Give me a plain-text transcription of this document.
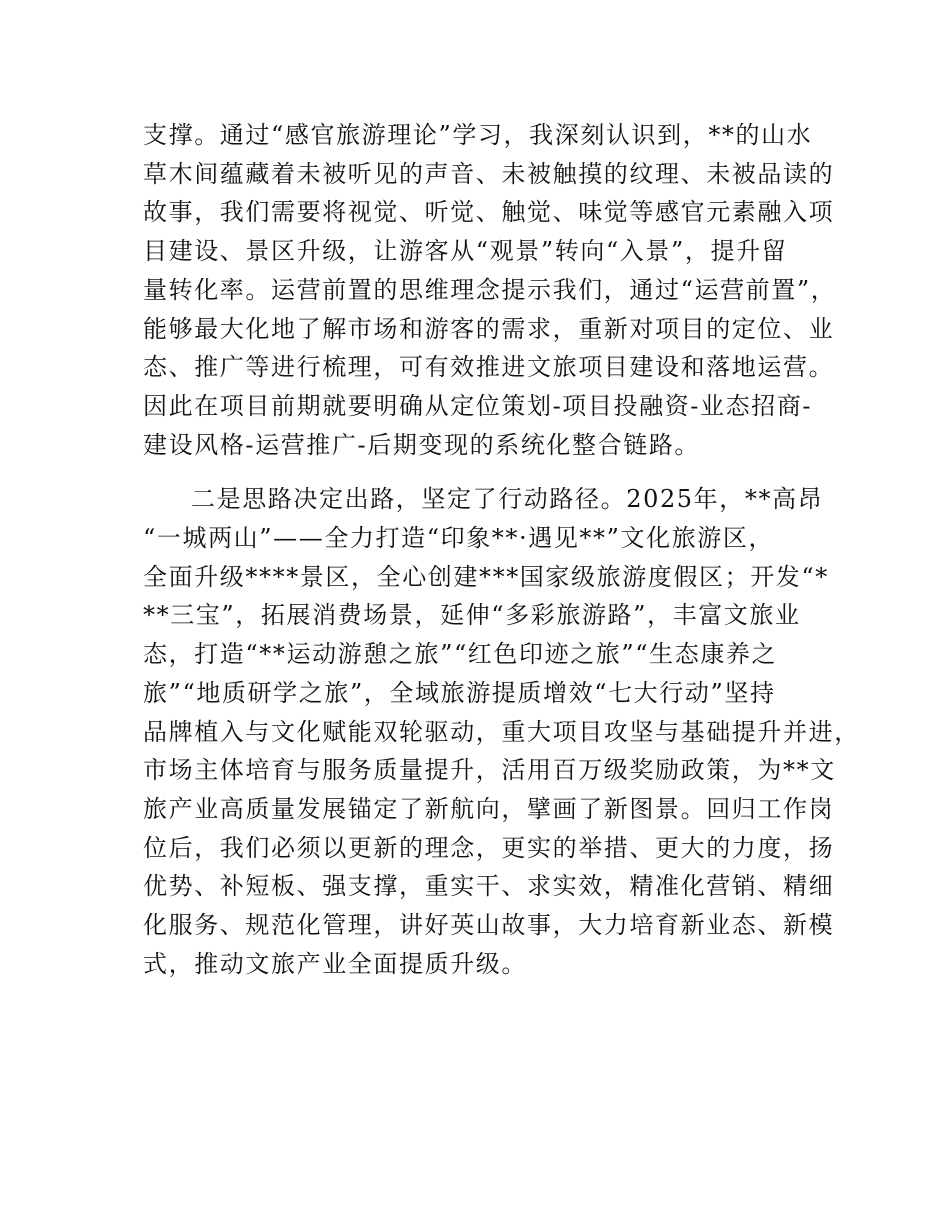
支撑。通过“感官旅游理论”学习，我深刻认识到，**的山水
草木间蕴藏着未被听见的声音、未被触摸的纹理、未被品读的
故事，我们需要将视觉、听觉、触觉、味觉等感官元素融入项
目建设、景区升级，让游客从“观景”转向“入景”，提升留
量转化率。运营前置的思维理念提示我们，通过“运营前置”，
能够最大化地了解市场和游客的需求，重新对项目的定位、业
态、推广等进行梳理，可有效推进文旅项目建设和落地运营。
因此在项目前期就要明确从定位策划-项目投融资-业态招商-
建设风格-运营推广-后期变现的系统化整合链路。
二是思路决定出路，坚定了行动路径。2025年，**高昂
“一城两山”——全力打造“印象**·遇见**”文化旅游区，
全面升级****景区，全心创建***国家级旅游度假区；开发“*
**三宝”，拓展消费场景，延伸“多彩旅游路”，丰富文旅业
态，打造“**运动游憩之旅”“红色印迹之旅”“生态康养之
旅”“地质研学之旅”，全域旅游提质增效“七大行动”坚持
品牌植入与文化赋能双轮驱动，重大项目攻坚与基础提升并进，
市场主体培育与服务质量提升，活用百万级奖励政策，为**文
旅产业高质量发展锚定了新航向，擘画了新图景。回归工作岗
位后，我们必须以更新的理念，更实的举措、更大的力度，扬
优势、补短板、强支撑，重实干、求实效，精准化营销、精细
化服务、规范化管理，讲好英山故事，大力培育新业态、新模
式，推动文旅产业全面提质升级。
